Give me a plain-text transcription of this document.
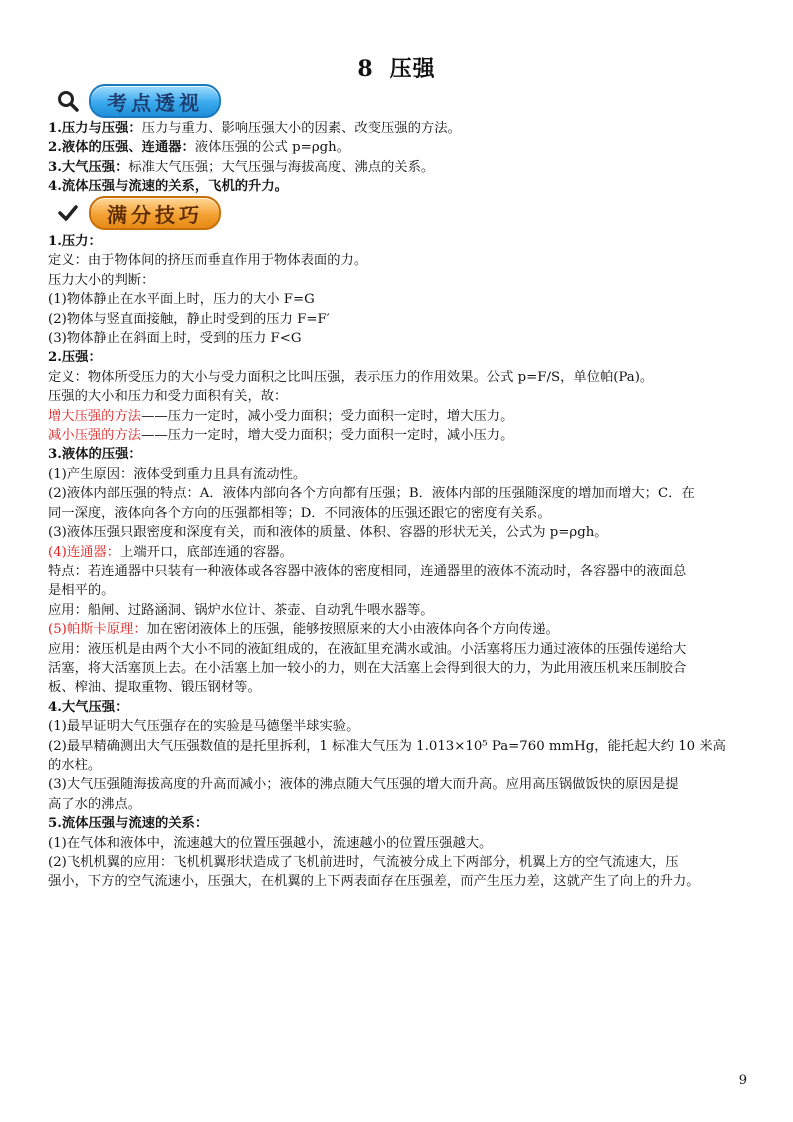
8 压强
考点透视

1.压力与压强：压力与重力、影响压强大小的因素、改变压强的方法。

2.液体的压强、连通器：液体压强的公式 p=ρgh。

3.大气压强：标准大气压强；大气压强与海拔高度、沸点的关系。

4.流体压强与流速的关系，飞机的升力。

满分技巧

1.压力：

定义：由于物体间的挤压而垂直作用于物体表面的力。

压力大小的判断：

(1)物体静止在水平面上时，压力的大小 F=G

(2)物体与竖直面接触，静止时受到的压力 F=F′

(3)物体静止在斜面上时，受到的压力 F<G

2.压强：

定义：物体所受压力的大小与受力面积之比叫压强，表示压力的作用效果。公式 p=F/S，单位帕(Pa)。

压强的大小和压力和受力面积有关，故：

增大压强的方法——压力一定时，减小受力面积；受力面积一定时，增大压力。

减小压强的方法——压力一定时，增大受力面积；受力面积一定时，减小压力。

3.液体的压强：

(1)产生原因：液体受到重力且具有流动性。

(2)液体内部压强的特点：A．液体内部向各个方向都有压强；B．液体内部的压强随深度的增加而增大；C．在

同一深度，液体向各个方向的压强都相等；D．不同液体的压强还跟它的密度有关系。

(3)液体压强只跟密度和深度有关，而和液体的质量、体积、容器的形状无关，公式为 p=ρgh。

(4)连通器：上端开口，底部连通的容器。

特点：若连通器中只装有一种液体或各容器中液体的密度相同，连通器里的液体不流动时，各容器中的液面总

是相平的。

应用：船闸、过路涵洞、锅炉水位计、茶壶、自动乳牛喂水器等。

(5)帕斯卡原理：加在密闭液体上的压强，能够按照原来的大小由液体向各个方向传递。

应用：液压机是由两个大小不同的液缸组成的，在液缸里充满水或油。小活塞将压力通过液体的压强传递给大

活塞，将大活塞顶上去。在小活塞上加一较小的力，则在大活塞上会得到很大的力，为此用液压机来压制胶合

板、榨油、提取重物、锻压钢材等。

4.大气压强：

(1)最早证明大气压强存在的实验是马德堡半球实验。

(2)最早精确测出大气压强数值的是托里拆利，1 标准大气压为 1.013×10⁵ Pa=760 mmHg，能托起大约 10 米高

的水柱。

(3)大气压强随海拔高度的升高而减小；液体的沸点随大气压强的增大而升高。应用高压锅做饭快的原因是提

高了水的沸点。

5.流体压强与流速的关系：

(1)在气体和液体中，流速越大的位置压强越小，流速越小的位置压强越大。

(2)飞机机翼的应用：飞机机翼形状造成了飞机前进时，气流被分成上下两部分，机翼上方的空气流速大，压

强小，下方的空气流速小，压强大，在机翼的上下两表面存在压强差，而产生压力差，这就产生了向上的升力。

9
